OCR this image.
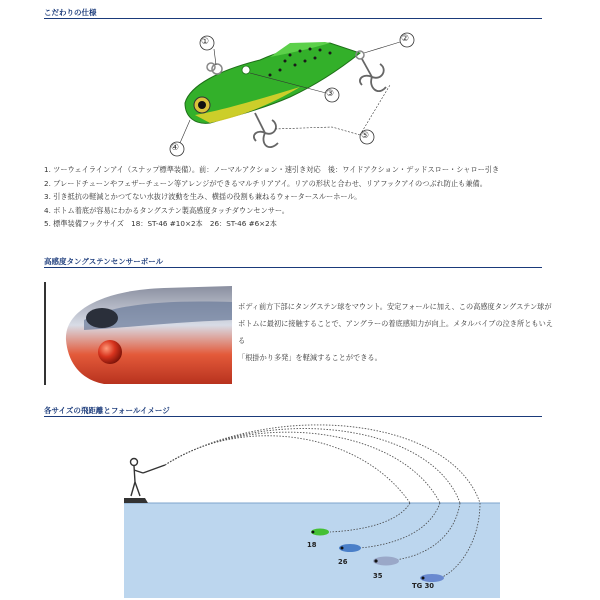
こだわりの仕様
①	②
③
④
⑤
1. ツーウェイラインアイ（スナップ標準装備）。前：ノーマルアクション・速引き対応　後：ワイドアクション・デッドスロー・シャロー引き
2. ブレードチューンやフェザーチューン等アレンジができるマルチリアアイ。リアの形状と合わせ、リアフックアイのつぶれ防止も兼備。
3. 引き抵抗の軽減とかつてない水抜け波動を生み、横揺の役割も兼ねるウォータースルーホール。
4. ボトム着底が容易にわかるタングステン製高感度タッチダウンセンサー。
5. 標準装備フックサイズ　18：ST-46 #10×2本　26：ST-46 #6×2本
高感度タングステンセンサーボール
ボディ前方下部にタングステン球をマウント。安定フォールに加え、この高感度タングステン球が
ボトムに最初に接触することで、アングラーの着底感知力が向上。メタルバイブの泣き所ともいえる
「根掛かり多発」を軽減することができる。
各サイズの飛距離とフォールイメージ
18
26
35
TG 30
